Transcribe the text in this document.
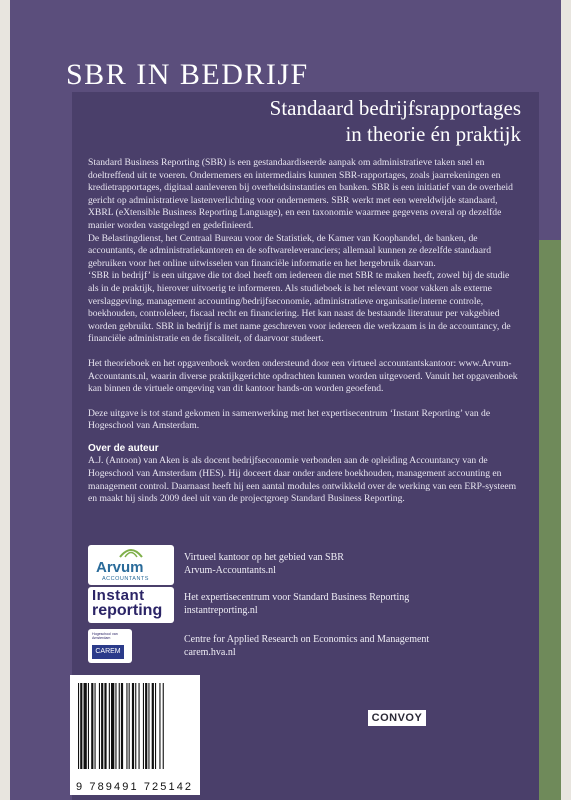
SBR IN BEDRIJF
Standaard bedrijfsrapportages
in theorie én praktijk

Standard Business Reporting (SBR) is een gestandaardiseerde aanpak om administratieve taken snel en doeltreffend uit te voeren. Ondernemers en intermediairs kunnen SBR-rapportages, zoals jaarrekeningen en kredietrapportages, digitaal aanleveren bij overheidsinstanties en banken. SBR is een initiatief van de overheid gericht op administratieve lastenverlichting voor ondernemers. SBR werkt met een wereldwijde standaard, XBRL (eXtensible Business Reporting Language), en een taxonomie waarmee gegevens overal op dezelfde manier worden vastgelegd en gedefinieerd.

De Belastingdienst, het Centraal Bureau voor de Statistiek, de Kamer van Koophandel, de banken, de accountants, de administratiekantoren en de softwareleveranciers; allemaal kunnen ze dezelfde standaard gebruiken voor het online uitwisselen van financiële informatie en het hergebruik daarvan.

‘SBR in bedrijf’ is een uitgave die tot doel heeft om iedereen die met SBR te maken heeft, zowel bij de studie als in de praktijk, hierover uitvoerig te informeren. Als studieboek is het relevant voor vakken als externe verslaggeving, management accounting/bedrijfseconomie, administratieve organisatie/interne controle, boekhouden, controleleer, fiscaal recht en financiering. Het kan naast de bestaande literatuur per vakgebied worden gebruikt. SBR in bedrijf is met name geschreven voor iedereen die werkzaam is in de accountancy, de financiële administratie en de fiscaliteit, of daarvoor studeert.

Het theorieboek en het opgavenboek worden ondersteund door een virtueel accountantskantoor: www.Arvum-Accountants.nl, waarin diverse praktijkgerichte opdrachten kunnen worden uitgevoerd. Vanuit het opgavenboek kan binnen de virtuele omgeving van dit kantoor hands-on worden geoefend.

Deze uitgave is tot stand gekomen in samenwerking met het expertisecentrum ‘Instant Reporting’ van de Hogeschool van Amsterdam.

Over de auteur

A.J. (Antoon) van Aken is als docent bedrijfseconomie verbonden aan de opleiding Accountancy van de Hogeschool van Amsterdam (HES). Hij doceert daar onder andere boekhouden, management accounting en management control. Daarnaast heeft hij een aantal modules ontwikkeld over de werking van een ERP-systeem en maakt hij sinds 2009 deel uit van de projectgroep Standard Business Reporting.

Arvum
ACCOUNTANTS
Virtueel kantoor op het gebied van SBR
Arvum-Accountants.nl
Instant
reporting
Het expertisecentrum voor Standard Business Reporting
instantreporting.nl
Hogeschool van Amsterdam
CAREM
Centre for Applied Research on Economics and Management
carem.hva.nl
9 789491 725142
CONVOY
